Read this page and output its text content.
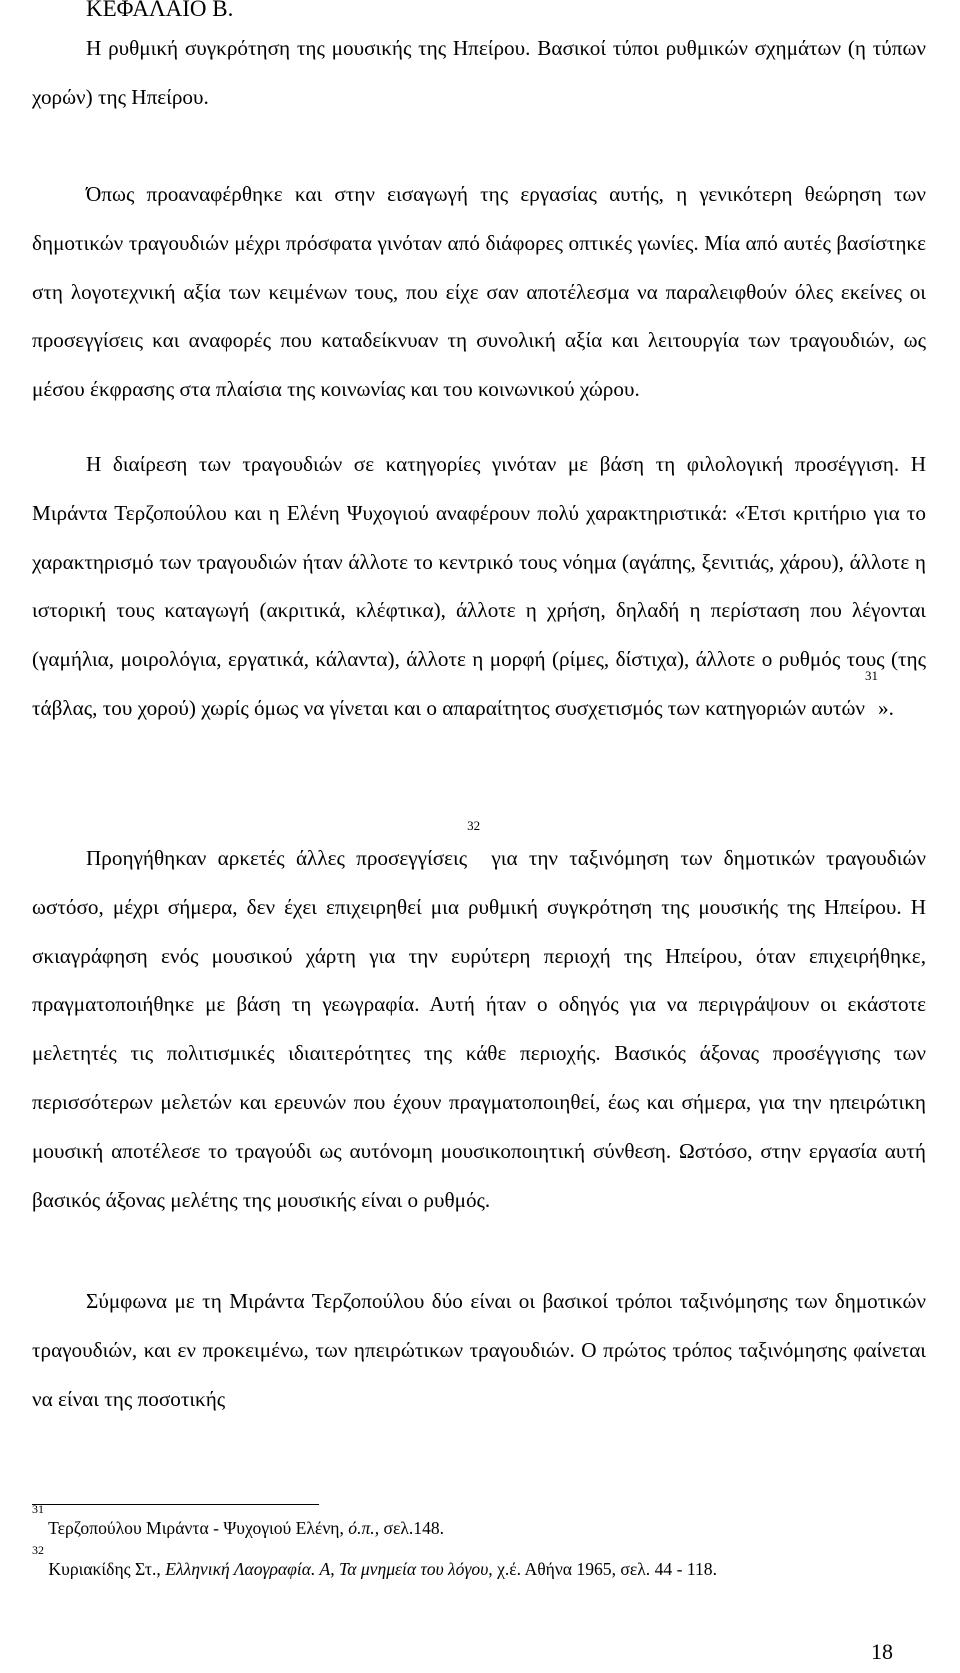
ΚΕΦΑΛΑΙΟ Β.

Η ρυθμική συγκρότηση της μουσικής της Ηπείρου. Βασικοί τύποι ρυθμικών σχημάτων (η τύπων χορών) της Ηπείρου.

Όπως προαναφέρθηκε και στην εισαγωγή της εργασίας αυτής, η γενικότερη θεώρηση των δημοτικών τραγουδιών μέχρι πρόσφατα γινόταν από διάφορες οπτικές γωνίες. Μία από αυτές βασίστηκε στη λογοτεχνική αξία των κειμένων τους, που είχε σαν αποτέλεσμα να παραλειφθούν όλες εκείνες οι προσεγγίσεις και αναφορές που καταδείκνυαν τη συνολική αξία και λειτουργία των τραγουδιών, ως μέσου έκφρασης στα πλαίσια της κοινωνίας και του κοινωνικού χώρου.

Η διαίρεση των τραγουδιών σε κατηγορίες γινόταν με βάση τη φιλολογική προσέγγιση. Η Μιράντα Τερζοπούλου και η Ελένη Ψυχογιού αναφέρουν πολύ χαρακτηριστικά: «Έτσι κριτήριο για το χαρακτηρισμό των τραγουδιών ήταν άλλοτε το κεντρικό τους νόημα (αγάπης, ξενιτιάς, χάρου), άλλοτε η ιστορική τους καταγωγή (ακριτικά, κλέφτικα), άλλοτε η χρήση, δηλαδή η περίσταση που λέγονται (γαμήλια, μοιρολόγια, εργατικά, κάλαντα), άλλοτε η μορφή (ρίμες, δίστιχα), άλλοτε ο ρυθμός τους (της τάβλας, του χορού) χωρίς όμως να γίνεται και ο απαραίτητος συσχετισμός των κατηγοριών αυτών$^{31}$».

Προηγήθηκαν αρκετές άλλες προσεγγίσεις$^{32}$ για την ταξινόμηση των δημοτικών τραγουδιών ωστόσο, μέχρι σήμερα, δεν έχει επιχειρηθεί μια ρυθμική συγκρότηση της μουσικής της Ηπείρου. Η σκιαγράφηση ενός μουσικού χάρτη για την ευρύτερη περιοχή της Ηπείρου, όταν επιχειρήθηκε, πραγματοποιήθηκε με βάση τη γεωγραφία. Αυτή ήταν ο οδηγός για να περιγράψουν οι εκάστοτε μελετητές τις πολιτισμικές ιδιαιτερότητες της κάθε περιοχής. Βασικός άξονας προσέγγισης των περισσότερων μελετών και ερευνών που έχουν πραγματοποιηθεί, έως και σήμερα, για την ηπειρώτικη μουσική αποτέλεσε το τραγούδι ως αυτόνομη μουσικοποιητική σύνθεση. Ωστόσο, στην εργασία αυτή βασικός άξονας μελέτης της μουσικής είναι ο ρυθμός.

Σύμφωνα με τη Μιράντα Τερζοπούλου δύο είναι οι βασικοί τρόποι ταξινόμησης των δημοτικών τραγουδιών, και εν προκειμένω, των ηπειρώτικων τραγουδιών. Ο πρώτος τρόπος ταξινόμησης φαίνεται να είναι της ποσοτικής

$^{31}$ Τερζοπούλου Μιράντα - Ψυχογιού Ελένη, ό.π., σελ.148.

$^{32}$ Κυριακίδης Στ., Ελληνική Λαογραφία. Α, Τα μνημεία του λόγου, χ.έ. Αθήνα 1965, σελ. 44 - 118.

18
